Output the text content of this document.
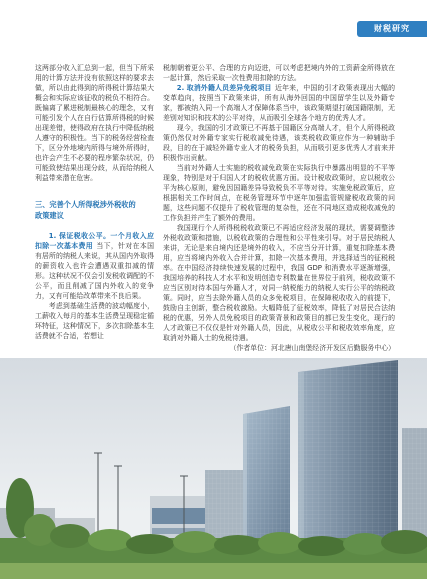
财税研究

这两部分收入汇总到一起，但当下所采用的计算方法并没有依照这样的要求去做，所以由此得到的所得税计算结果大概会和实际应该征收的税负不相符合。既偏离了累进税制最核心的理念，又有可能引发个人在自行估算所得税的时候出现差错，使得政府在执行中降低纳税人遵守的积极性。当下的税务经营检查下，区分外地境内所得与境外所得时，也许会产生不必要的程序繁杂状况，仍可能致使结果出现分歧，从而给纳税人利益带来潜在危害。

三、完善个人所得税涉外税收的
政策建议

1. 保证税收公平。一个月收入应扣除一次基本费用 当下，针对在本国有居所的纳税人来说，其从国内外取得的薪资收入也许会遭遇双重扣减的情形。这种状况不仅会引发税收调配的不公平，而且削减了国内外收入的竞争力，又有可能给改革带来不良后果。

考虑到基础生活费的波动幅度小，工薪收入每月的基本生活费呈现稳定循环特征，这种情况下，多次扣除基本生活费就不合适，若想让

税制朝着更公平、合理的方向迈进，可以考虑把境内外的工资薪金所得放在一起计算，然后采取一次性费用扣除的方法。

2. 取消外籍人员差异免税项目 近年来，中国的引才政策表现出大幅的变革趋向，按照当下政策来讲，所有从海外回国的中国留学生以及外籍专家，都被纳入同一个高端人才保障体系当中，该政策期望打破国籍限制，无差别对知识和技术的公平对待，从而吸引全球各个地方的优秀人才。

现今，我国的引才政策已不再基于国籍区分高端人才，但个人所得税政策仍然仅对外籍专家实行税收减免待遇，该类税收政策应作为一种辅助手段，目的在于减轻外籍专业人才的税务负担，从而吸引更多优秀人才前来并积极作出贡献。

当前对外籍人士实施的税收减免政策在实际执行中暴露出明显的不平等现象，特别是对于归国人才的税收优惠方面。设计税收政策时，应以税收公平为核心原则，避免因国籍差异导致税负不平等对待。实施免税政策后，应根据相关工作时间点，在税务管理环节中逐年加强监管规避税收政策的问题，这些问题不仅提升了税收管理的复杂性，还在不同地区造成税收减免的工作负担并产生了额外的费用。

我国现行个人所得税税收政策已不再适应经济发展的现状，需要调整涉外税收政策和措施，以税收政策的合理性和公平性来引导。对于居民纳税人来讲，无论是来自境内还是境外的收入，不应当分开计算，重复扣除基本费用，应当将境内外收入合并计算，扣除一次基本费用，并选择适当的征税税率。在中国经济持续快速发展的过程中，我国 GDP 和消费水平逐渐增强，我国培养的科技人才水平和发明创造专利数量在世界位于前列，税收政策不应当区别对待本国与外籍人才，对同一纳税能力的纳税人实行公平的纳税政策。同时，应当去除外籍人员的众多免税项目，在保障税收收入的前提下，鼓励自主创新，整合税收激励。大幅降低了征税效率，降低了对居民合法纳税的优惠，另外人员免税项目的政策背景和政策目的都已发生变化，现行的人才政策已不仅仅是针对外籍人员，因此，从税收公平和税收效率角度，应取消对外籍人士的免税待遇。

（作者单位：河北唐山南堡经济开发区后勤服务中心）
